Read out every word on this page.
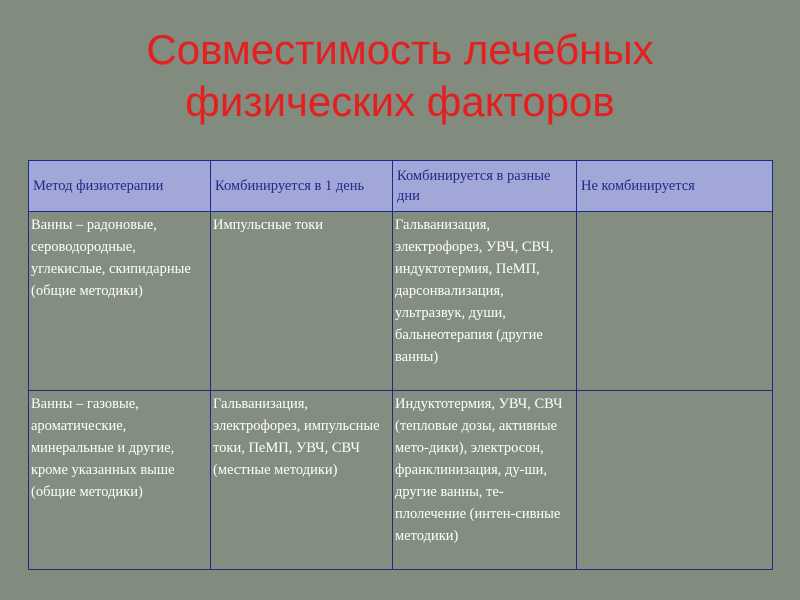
Совместимость лечебных
физических факторов
Метод физиотерапии	Комбинируется в 1 день	Комбинируется в разные дни	Не комбинируется
Ванны – радоновые, сероводородные, углекислые, скипидарные (общие методики)	Импульсные токи	Гальванизация, электрофорез, УВЧ, СВЧ, индуктотермия, ПеМП, дарсонвализация, ультразвук, души, бальнеотерапия (другие ванны)	
Ванны – газовые, ароматические, минеральные и другие, кроме указанных выше (общие методики)	Гальванизация, электрофорез, импульсные токи, ПеМП, УВЧ, СВЧ (местные методики)	Индуктотермия, УВЧ, СВЧ (тепловые дозы, активные мето-дики), электросон, франклинизация, ду-ши, другие ванны, те-плолечение (интен-сивные методики)	
